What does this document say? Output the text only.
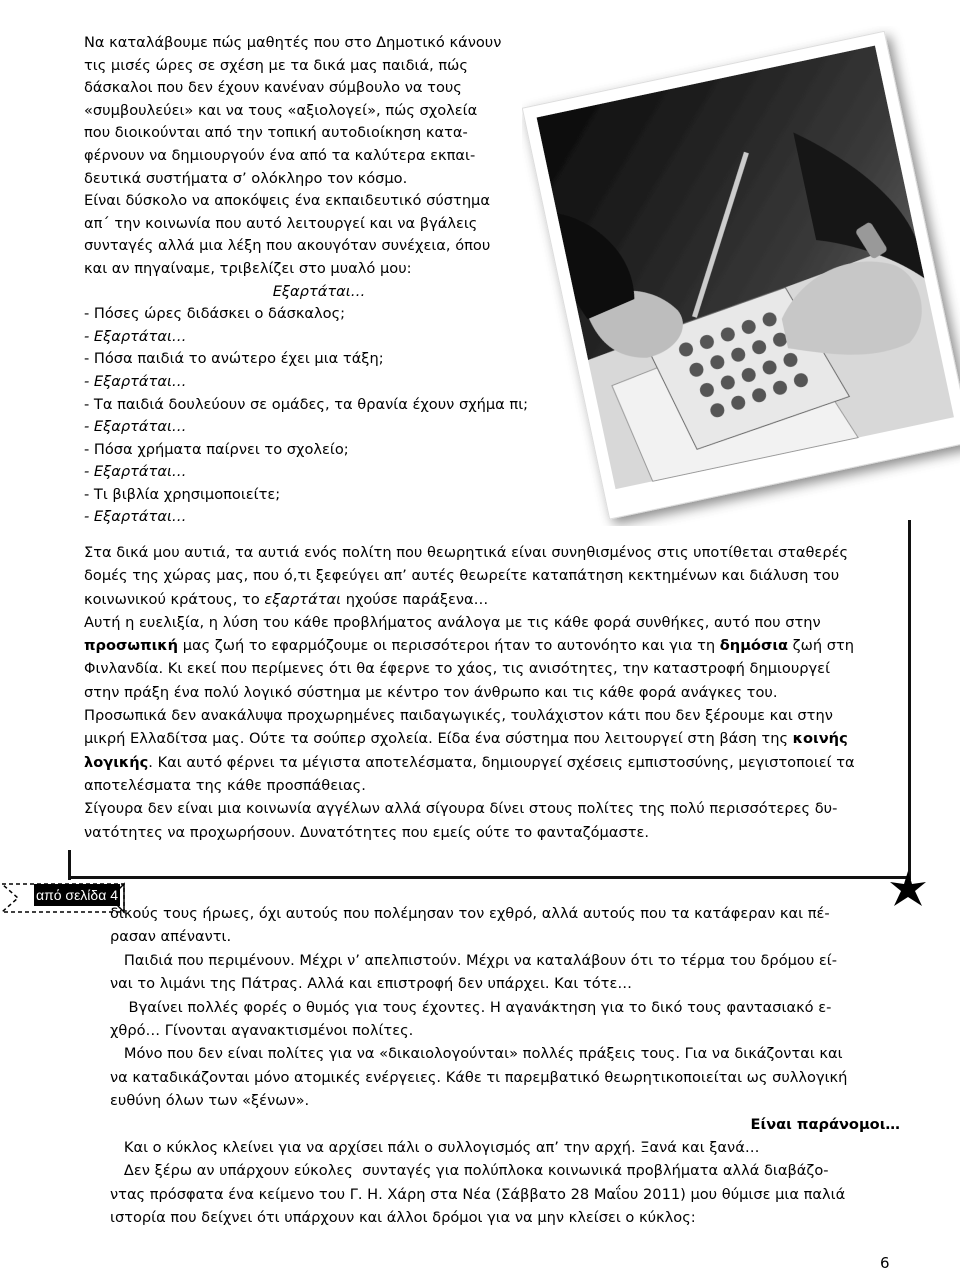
Να καταλάβουμε πώς μαθητές που στο Δημοτικό κάνουν
τις μισές ώρες σε σχέση με τα δικά μας παιδιά, πώς
δάσκαλοι που δεν έχουν κανέναν σύμβουλο να τους
«συμβουλεύει» και να τους «αξιολογεί», πώς σχολεία
που διοικούνται από την τοπική αυτοδιοίκηση κατα-
φέρνουν να δημιουργούν ένα από τα καλύτερα εκπαι-
δευτικά συστήματα σ’ ολόκληρο τον κόσμο.
Είναι δύσκολο να αποκόψεις ένα εκπαιδευτικό σύστημα
απ΄ την κοινωνία που αυτό λειτουργεί και να βγάλεις
συνταγές αλλά μια λέξη που ακουγόταν συνέχεια, όπου
και αν πηγαίναμε, τριβελίζει στο μυαλό μου:
Εξαρτάται…
- Πόσες ώρες διδάσκει ο δάσκαλος;
- Εξαρτάται…
- Πόσα παιδιά το ανώτερο έχει μια τάξη;
- Εξαρτάται…
- Τα παιδιά δουλεύουν σε ομάδες, τα θρανία έχουν σχήμα πι;
- Εξαρτάται…
- Πόσα χρήματα παίρνει το σχολείο;
- Εξαρτάται…
- Τι βιβλία χρησιμοποιείτε;
- Εξαρτάται…
Στα δικά μου αυτιά, τα αυτιά ενός πολίτη που θεωρητικά είναι συνηθισμένος στις υποτίθεται σταθερές
δομές της χώρας μας, που ό,τι ξεφεύγει απ’ αυτές θεωρείτε καταπάτηση κεκτημένων και διάλυση του
κοινωνικού κράτους, το εξαρτάται ηχούσε παράξενα…
Αυτή η ευελιξία, η λύση του κάθε προβλήματος ανάλογα με τις κάθε φορά συνθήκες, αυτό που στην
προσωπική μας ζωή το εφαρμόζουμε οι περισσότεροι ήταν το αυτονόητο και για τη δημόσια ζωή στη
Φινλανδία. Κι εκεί που περίμενες ότι θα έφερνε το χάος, τις ανισότητες, την καταστροφή δημιουργεί
στην πράξη ένα πολύ λογικό σύστημα με κέντρο τον άνθρωπο και τις κάθε φορά ανάγκες του.
Προσωπικά δεν ανακάλυψα προχωρημένες παιδαγωγικές, τουλάχιστον κάτι που δεν ξέρουμε και στην
μικρή Ελλαδίτσα μας. Ούτε τα σούπερ σχολεία. Είδα ένα σύστημα που λειτουργεί στη βάση της κοινής
λογικής. Και αυτό φέρνει τα μέγιστα αποτελέσματα, δημιουργεί σχέσεις εμπιστοσύνης, μεγιστοποιεί τα
αποτελέσματα της κάθε προσπάθειας.
Σίγουρα δεν είναι μια κοινωνία αγγέλων αλλά σίγουρα δίνει στους πολίτες της πολύ περισσότερες δυ-
νατότητες να προχωρήσουν. Δυνατότητες που εμείς ούτε το φανταζόμαστε.
από σελίδα 4
δικούς τους ήρωες, όχι αυτούς που πολέμησαν τον εχθρό, αλλά αυτούς που τα κατάφεραν και πέ-
ρασαν απέναντι.
Παιδιά που περιμένουν. Μέχρι ν’ απελπιστούν. Μέχρι να καταλάβουν ότι το τέρμα του δρόμου εί-
ναι το λιμάνι της Πάτρας. Αλλά και επιστροφή δεν υπάρχει. Και τότε…
Βγαίνει πολλές φορές ο θυμός για τους έχοντες. Η αγανάκτηση για το δικό τους φαντασιακό ε-
χθρό… Γίνονται αγανακτισμένοι πολίτες.
Μόνο που δεν είναι πολίτες για να «δικαιολογούνται» πολλές πράξεις τους. Για να δικάζονται και
να καταδικάζονται μόνο ατομικές ενέργειες. Κάθε τι παρεμβατικό θεωρητικοποιείται ως συλλογική
ευθύνη όλων των «ξένων».
Είναι παράνομοι…
Και ο κύκλος κλείνει για να αρχίσει πάλι ο συλλογισμός απ’ την αρχή. Ξανά και ξανά…
Δεν ξέρω αν υπάρχουν εύκολες  συνταγές για πολύπλοκα κοινωνικά προβλήματα αλλά διαβάζο-
ντας πρόσφατα ένα κείμενο του Γ. Η. Χάρη στα Νέα (Σάββατο 28 Μαΐου 2011) μου θύμισε μια παλιά
ιστορία που δείχνει ότι υπάρχουν και άλλοι δρόμοι για να μην κλείσει ο κύκλος:
6
